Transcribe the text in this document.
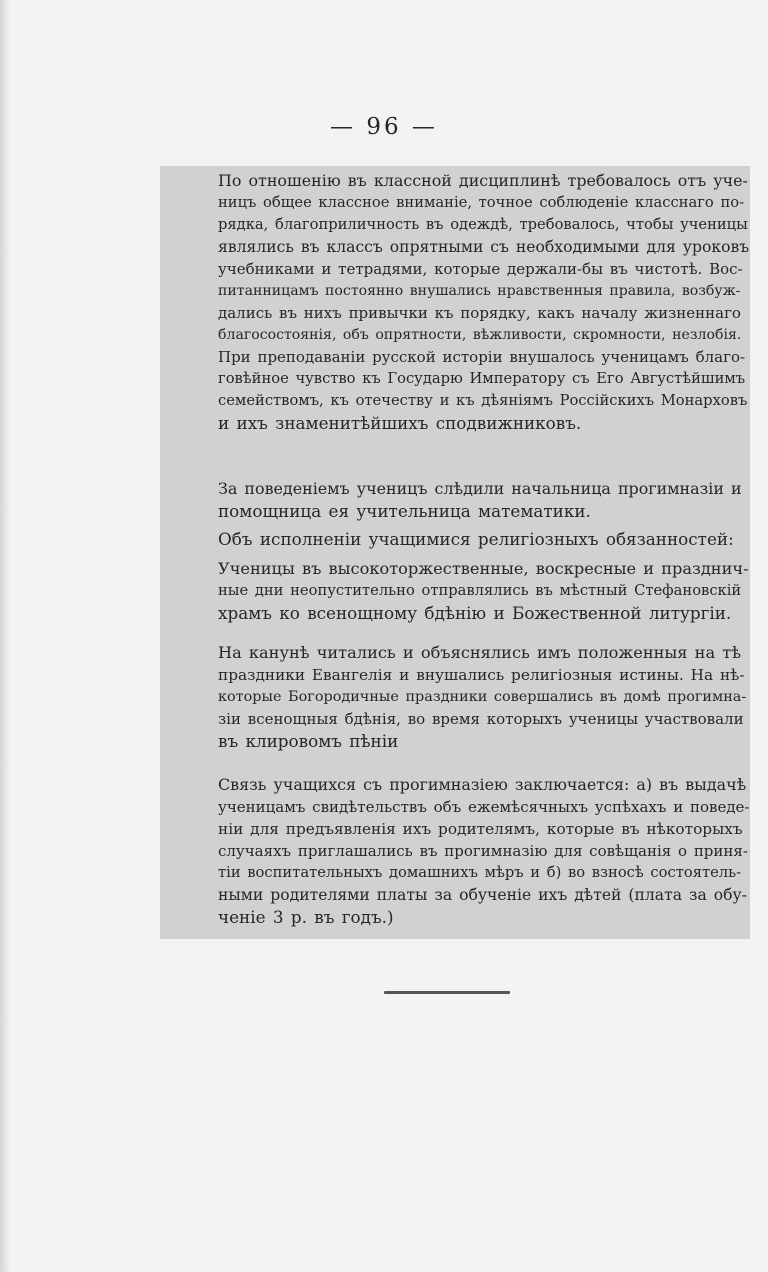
— 96 —

По отношенію въ классной дисциплинѣ требовалось отъ уче-
ницъ общее классное вниманіе, точное соблюденіе класснаго по-
рядка, благоприличность въ одеждѣ, требовалось, чтобы ученицы
являлись въ классъ опрятными съ необходимыми для уроковъ
учебниками и тетрадями, которые держали-бы въ чистотѣ. Вос-
питанницамъ постоянно внушались нравственныя правила, возбуж-
дались въ нихъ привычки къ порядку, какъ началу жизненнаго
благосостоянія, объ опрятности, вѣжливости, скромности, незлобія.
При преподаваніи русской исторіи внушалось ученицамъ благо-
говѣйное чувство къ Государю Императору съ Его Августѣйшимъ
семействомъ, къ отечеству и къ дѣяніямъ Россійскихъ Монарховъ
и ихъ знаменитѣйшихъ сподвижниковъ.

За поведеніемъ ученицъ слѣдили начальница прогимназіи и
помощница ея учительница математики.

Объ исполненіи учащимися религіозныхъ обязанностей:

Ученицы въ высокоторжественные, воскресные и празднич-
ные дни неопустительно отправлялись въ мѣстный Стефановскій
храмъ ко всенощному бдѣнію и Божественной литургіи.

На канунѣ читались и объяснялись имъ положенныя на тѣ
праздники Евангелія и внушались религіозныя истины. На нѣ-
которые Богородичные праздники совершались въ домѣ прогимна-
зіи всенощныя бдѣнія, во время которыхъ ученицы участвовали
въ клировомъ пѣніи

Связь учащихся съ прогимназіею заключается: а) въ выдачѣ
ученицамъ свидѣтельствъ объ ежемѣсячныхъ успѣхахъ и поведе-
ніи для предъявленія ихъ родителямъ, которые въ нѣкоторыхъ
случаяхъ приглашались въ прогимназію для совѣщанія о приня-
тіи воспитательныхъ домашнихъ мѣръ и б) во взносѣ состоятель-
ными родителями платы за обученіе ихъ дѣтей (плата за обу-
ченіе 3 р. въ годъ.)
